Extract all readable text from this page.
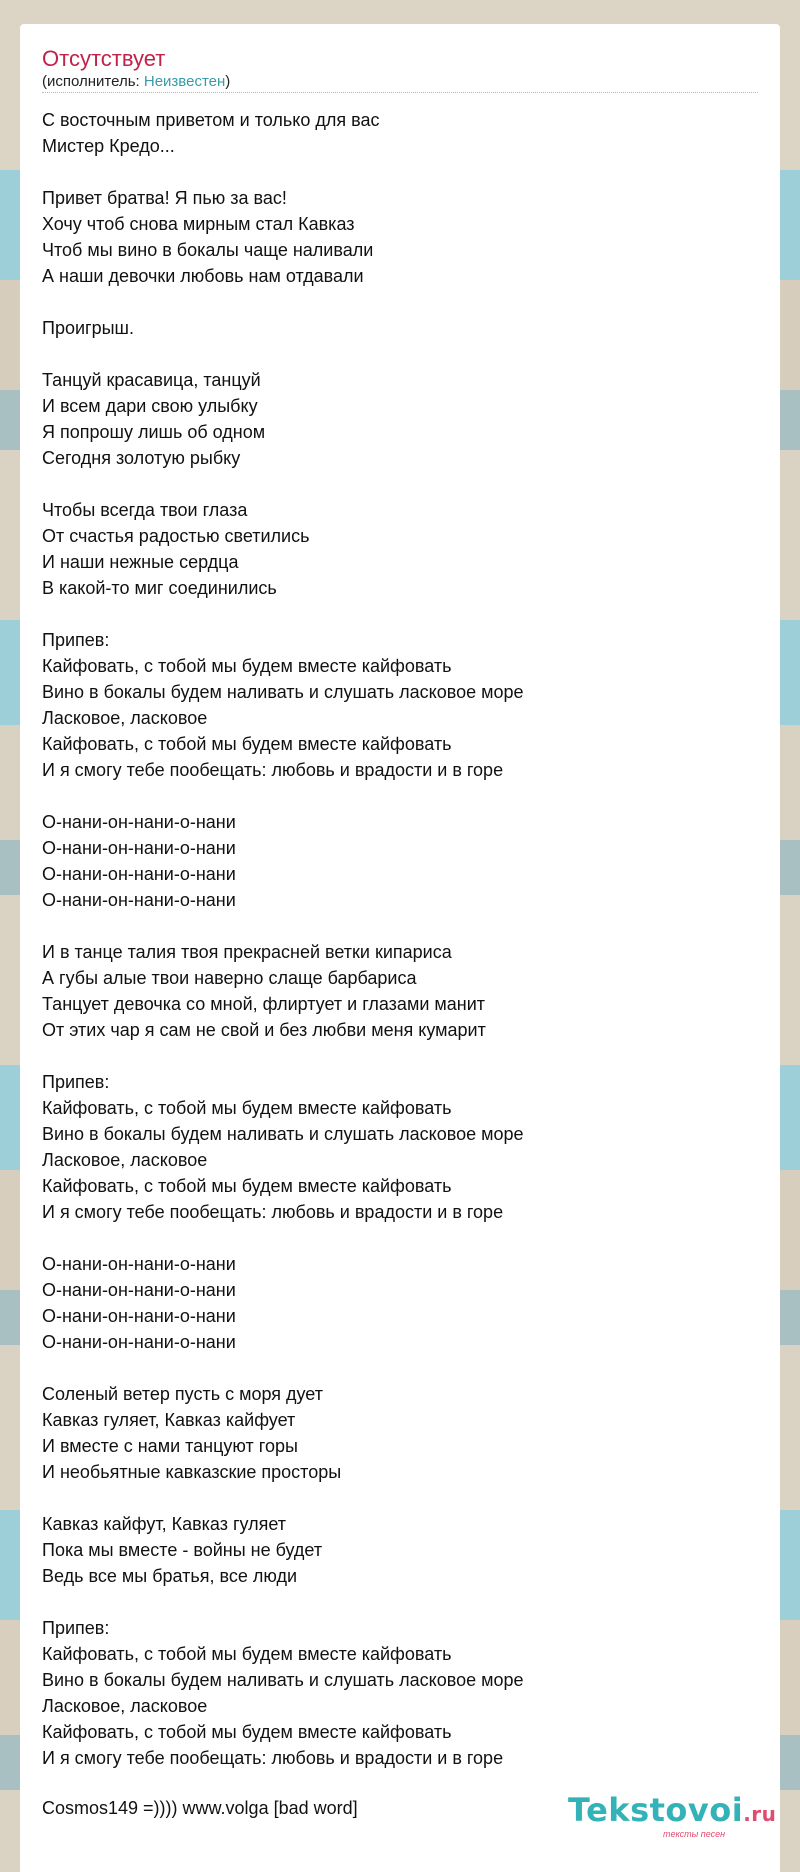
Отсутствует
(исполнитель: Неизвестен)
С восточным приветом и только для вас
Мистер Кредо...
Привет братва! Я пью за вас!
Хочу чтоб снова мирным стал Кавказ
Чтоб мы вино в бокалы чаще наливали
А наши девочки любовь нам отдавали
Проигрыш.
Танцуй красавица, танцуй
И всем дари свою улыбку
Я попрошу лишь об одном
Сегодня золотую рыбку
Чтобы всегда твои глаза
От счастья радостью светились
И наши нежные сердца
В какой-то миг соединились
Припев:
Кайфовать, с тобой мы будем вместе кайфовать
Вино в бокалы будем наливать и слушать ласковое море
Ласковое, ласковое
Кайфовать, с тобой мы будем вместе кайфовать
И я смогу тебе пообещать: любовь и врадости и в горе
О-нани-он-нани-о-нани
О-нани-он-нани-о-нани
О-нани-он-нани-о-нани
О-нани-он-нани-о-нани
И в танце талия твоя прекрасней ветки кипариса
А губы алые твои наверно слаще барбариса
Танцует девочка со мной, флиртует и глазами манит
От этих чар я сам не свой и без любви меня кумарит
Припев:
Кайфовать, с тобой мы будем вместе кайфовать
Вино в бокалы будем наливать и слушать ласковое море
Ласковое, ласковое
Кайфовать, с тобой мы будем вместе кайфовать
И я смогу тебе пообещать: любовь и врадости и в горе
О-нани-он-нани-о-нани
О-нани-он-нани-о-нани
О-нани-он-нани-о-нани
О-нани-он-нани-о-нани
Соленый ветер пусть с моря дует
Кавказ гуляет, Кавказ кайфует
И вместе с нами танцуют горы
И необьятные кавказские просторы
Кавказ кайфут, Кавказ гуляет
Пока мы вместе - войны не будет
Ведь все мы братья, все люди
Припев:
Кайфовать, с тобой мы будем вместе кайфовать
Вино в бокалы будем наливать и слушать ласковое море
Ласковое, ласковое
Кайфовать, с тобой мы будем вместе кайфовать
И я смогу тебе пообещать: любовь и врадости и в горе
Cosmos149 =)))) www.volga [bad word]	Tekstovoi.ru
тексты песен
